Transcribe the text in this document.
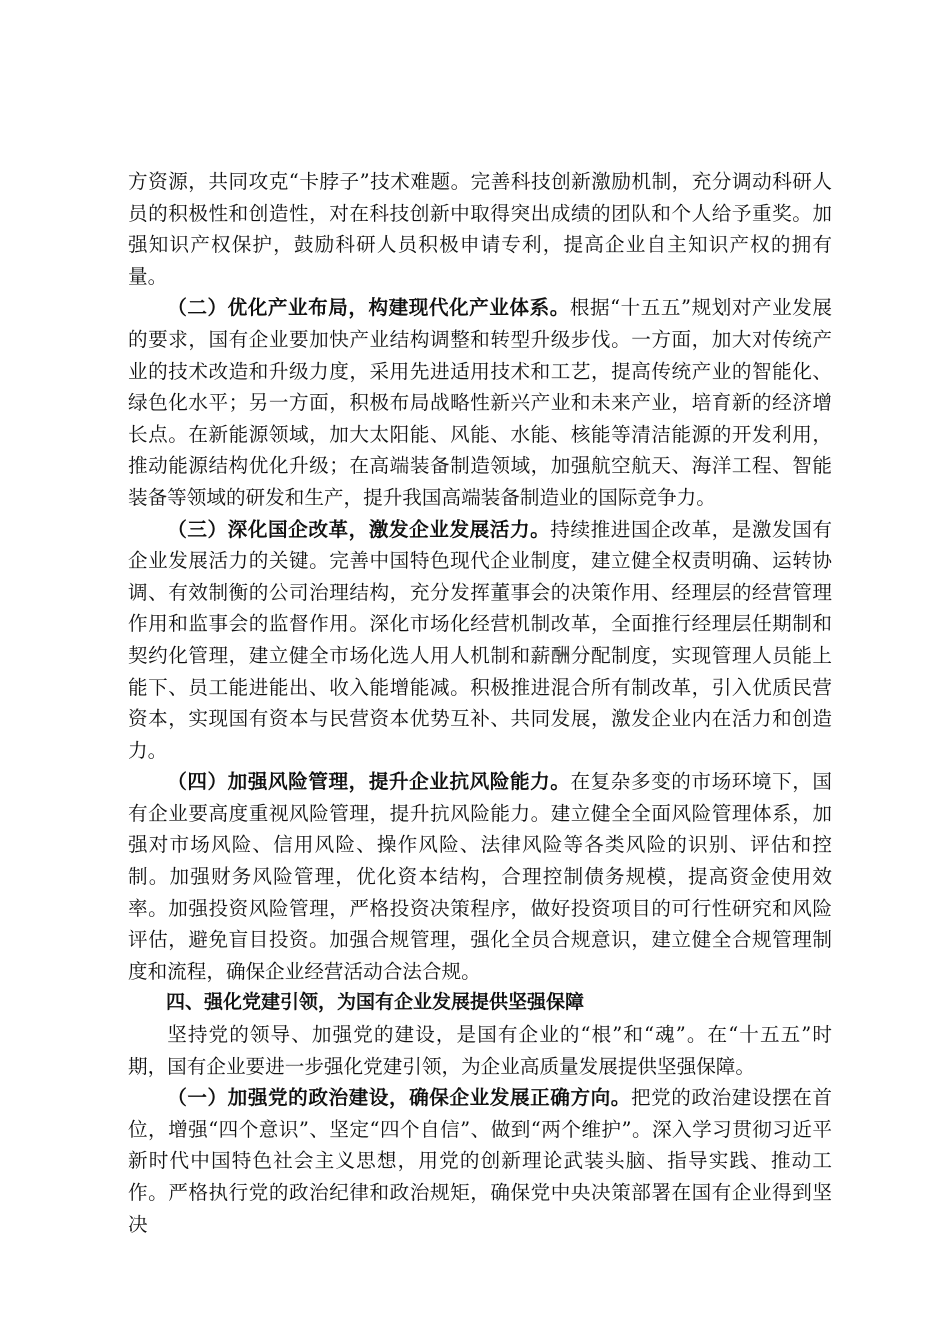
方资源，共同攻克“卡脖子”技术难题。完善科技创新激励机制，充分调动科研人员的积极性和创造性，对在科技创新中取得突出成绩的团队和个人给予重奖。加强知识产权保护，鼓励科研人员积极申请专利，提高企业自主知识产权的拥有量。

（二）优化产业布局，构建现代化产业体系。根据“十五五”规划对产业发展的要求，国有企业要加快产业结构调整和转型升级步伐。一方面，加大对传统产业的技术改造和升级力度，采用先进适用技术和工艺，提高传统产业的智能化、绿色化水平；另一方面，积极布局战略性新兴产业和未来产业，培育新的经济增长点。在新能源领域，加大太阳能、风能、水能、核能等清洁能源的开发利用，推动能源结构优化升级；在高端装备制造领域，加强航空航天、海洋工程、智能装备等领域的研发和生产，提升我国高端装备制造业的国际竞争力。

（三）深化国企改革，激发企业发展活力。持续推进国企改革，是激发国有企业发展活力的关键。完善中国特色现代企业制度，建立健全权责明确、运转协调、有效制衡的公司治理结构，充分发挥董事会的决策作用、经理层的经营管理作用和监事会的监督作用。深化市场化经营机制改革，全面推行经理层任期制和契约化管理，建立健全市场化选人用人机制和薪酬分配制度，实现管理人员能上能下、员工能进能出、收入能增能减。积极推进混合所有制改革，引入优质民营资本，实现国有资本与民营资本优势互补、共同发展，激发企业内在活力和创造力。

（四）加强风险管理，提升企业抗风险能力。在复杂多变的市场环境下，国有企业要高度重视风险管理，提升抗风险能力。建立健全全面风险管理体系，加强对市场风险、信用风险、操作风险、法律风险等各类风险的识别、评估和控制。加强财务风险管理，优化资本结构，合理控制债务规模，提高资金使用效率。加强投资风险管理，严格投资决策程序，做好投资项目的可行性研究和风险评估，避免盲目投资。加强合规管理，强化全员合规意识，建立健全合规管理制度和流程，确保企业经营活动合法合规。

四、强化党建引领，为国有企业发展提供坚强保障

坚持党的领导、加强党的建设，是国有企业的“根”和“魂”。在“十五五”时期，国有企业要进一步强化党建引领，为企业高质量发展提供坚强保障。

（一）加强党的政治建设，确保企业发展正确方向。把党的政治建设摆在首位，增强“四个意识”、坚定“四个自信”、做到“两个维护”。深入学习贯彻习近平新时代中国特色社会主义思想，用党的创新理论武装头脑、指导实践、推动工作。严格执行党的政治纪律和政治规矩，确保党中央决策部署在国有企业得到坚决
